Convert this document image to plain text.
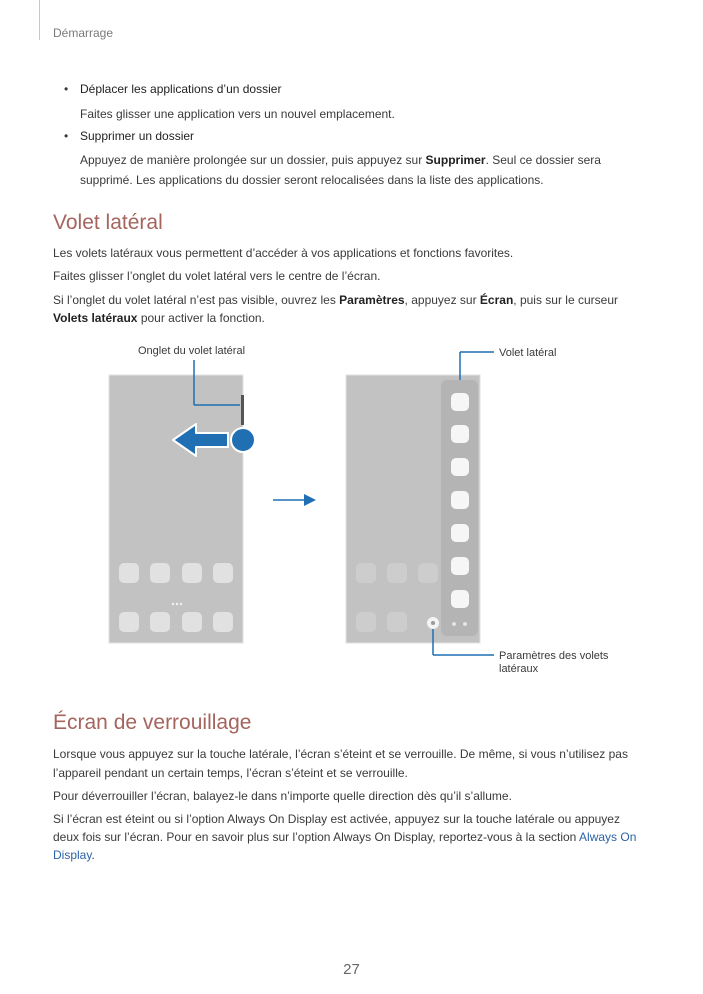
Démarrage
• Déplacer les applications d’un dossier

Faites glisser une application vers un nouvel emplacement.

• Supprimer un dossier

Appuyez de manière prolongée sur un dossier, puis appuyez sur Supprimer. Seul ce dossier sera

supprimé. Les applications du dossier seront relocalisées dans la liste des applications.

Volet latéral

Les volets latéraux vous permettent d’accéder à vos applications et fonctions favorites.

Faites glisser l’onglet du volet latéral vers le centre de l’écran.

Si l’onglet du volet latéral n’est pas visible, ouvrez les Paramètres, appuyez sur Écran, puis sur le curseur

Volets latéraux pour activer la fonction.

Onglet du volet latéral	Volet latéral
Paramètres des volets
latéraux
Écran de verrouillage

Lorsque vous appuyez sur la touche latérale, l’écran s’éteint et se verrouille. De même, si vous n’utilisez pas

l’appareil pendant un certain temps, l’écran s’éteint et se verrouille.

Pour déverrouiller l’écran, balayez-le dans n’importe quelle direction dès qu’il s’allume.

Si l’écran est éteint ou si l’option Always On Display est activée, appuyez sur la touche latérale ou appuyez

deux fois sur l’écran. Pour en savoir plus sur l’option Always On Display, reportez-vous à la section Always On

Display.

27
